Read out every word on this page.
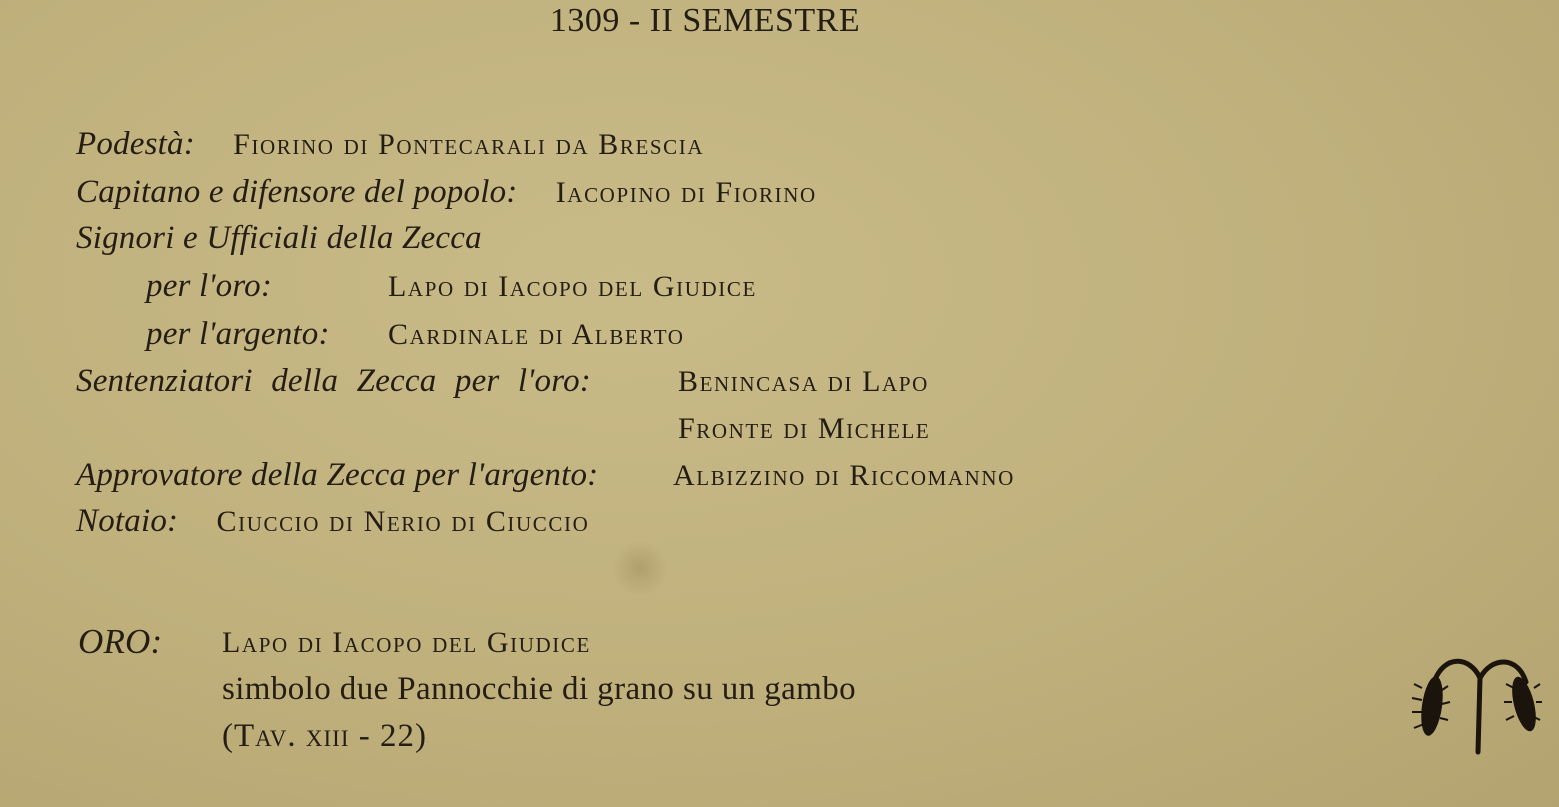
1309 - II SEMESTRE
Podestà: Fiorino di Pontecarali da Brescia
Capitano e difensore del popolo: Iacopino di Fiorino
Signori e Ufficiali della Zecca
per l'oro:	Lapo di Iacopo del Giudice
per l'argento: Cardinale di Alberto
Sentenziatori della Zecca per l'oro:	Benincasa di Lapo
Fronte di Michele
Approvatore della Zecca per l'argento: Albizzino di Riccomanno
Notaio: Ciuccio di Nerio di Ciuccio
ORO: Lapo di Iacopo del Giudice
simbolo due Pannocchie di grano su un gambo
(Tav. xiii - 22)
